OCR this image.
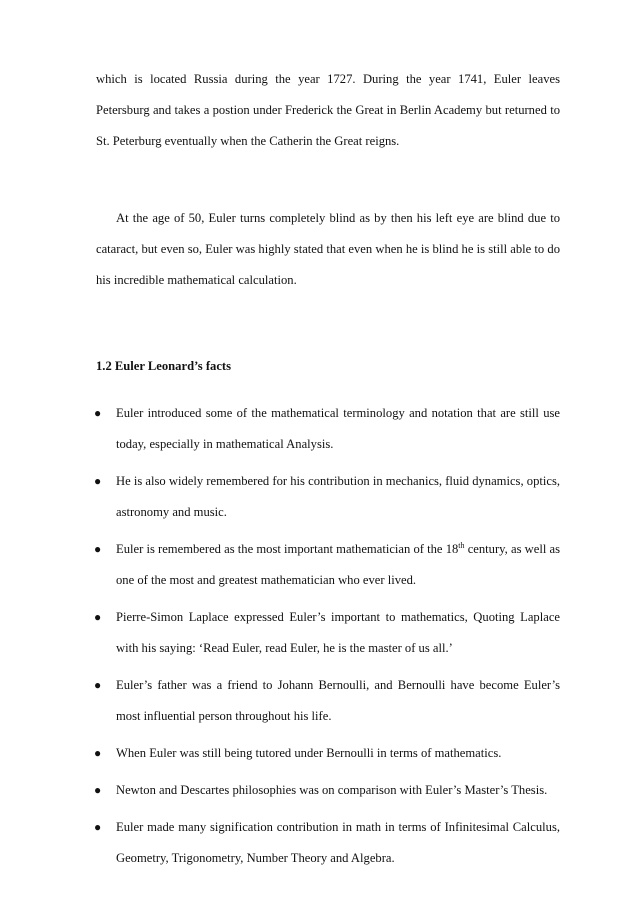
which is located Russia during the year 1727. During the year 1741, Euler leaves Petersburg and takes a postion under Frederick the Great in Berlin Academy but returned to St. Peterburg eventually when the Catherin the Great reigns.

At the age of 50, Euler turns completely blind as by then his left eye are blind due to cataract, but even so, Euler was highly stated that even when he is blind he is still able to do his incredible mathematical calculation.

1.2 Euler Leonard’s facts

● Euler introduced some of the mathematical terminology and notation that are still use today, especially in mathematical Analysis.
● He is also widely remembered for his contribution in mechanics, fluid dynamics, optics, astronomy and music.
● Euler is remembered as the most important mathematician of the 18th century, as well as one of the most and greatest mathematician who ever lived.
● Pierre-Simon Laplace expressed Euler’s important to mathematics, Quoting Laplace with his saying: ‘Read Euler, read Euler, he is the master of us all.’
● Euler’s father was a friend to Johann Bernoulli, and Bernoulli have become Euler’s most influential person throughout his life.
● When Euler was still being tutored under Bernoulli in terms of mathematics.
● Newton and Descartes philosophies was on comparison with Euler’s Master’s Thesis.
● Euler made many signification contribution in math in terms of Infinitesimal Calculus, Geometry, Trigonometry, Number Theory and Algebra.
